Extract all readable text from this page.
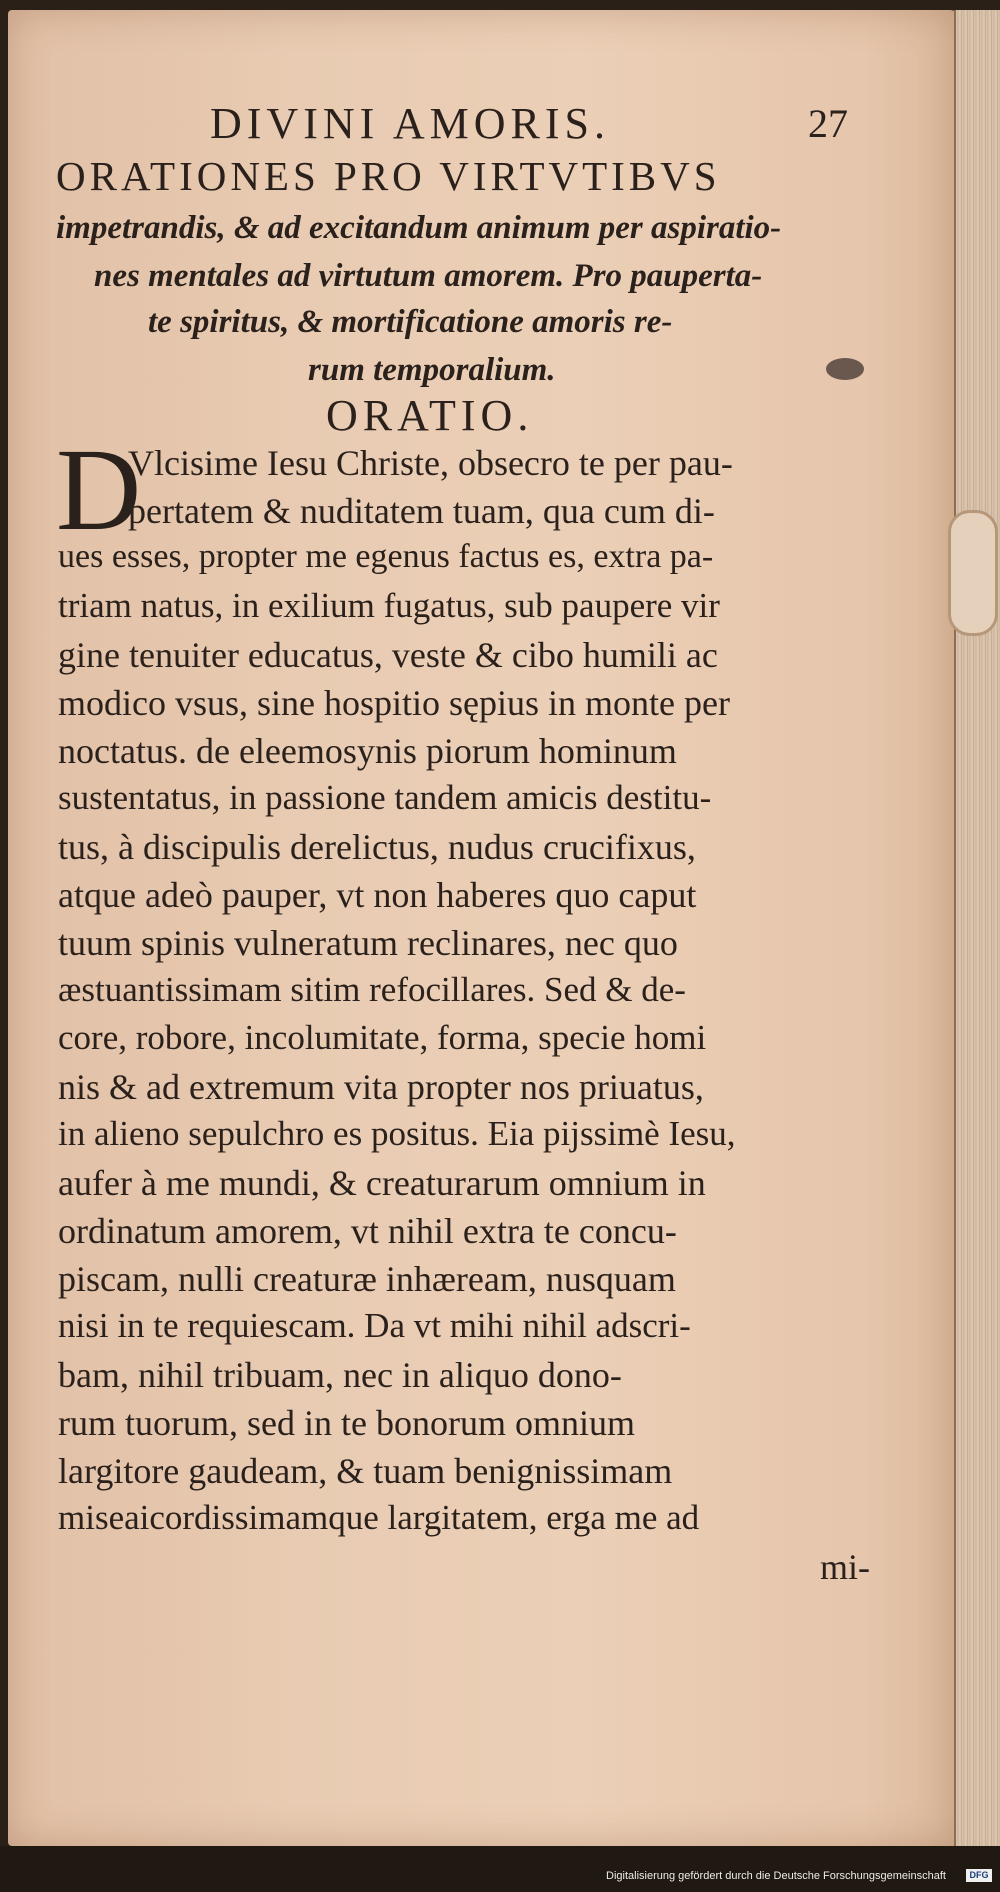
DIVINI AMORIS.	27
ORATIONES PRO VIRTVTIBVS
impetrandis, & ad excitandum animum per aspiratio-
nes mentales ad virtutum amorem. Pro pauperta-
te spiritus, & mortificatione amoris re-
rum temporalium.
ORATIO.
D
Vlcisime Iesu Christe, obsecro te per pau-
pertatem & nuditatem tuam, qua cum di-
ues esses, propter me egenus factus es, extra pa-
triam natus, in exilium fugatus, sub paupere vir
gine tenuiter educatus, veste & cibo humili ac
modico vsus, sine hospitio sępius in monte per
noctatus. de eleemosynis piorum hominum
sustentatus, in passione tandem amicis destitu-
tus, à discipulis derelictus, nudus crucifixus,
atque adeò pauper, vt non haberes quo caput
tuum spinis vulneratum reclinares, nec quo
æstuantissimam sitim refocillares. Sed & de-
core, robore, incolumitate, forma, specie homi
nis & ad extremum vita propter nos priuatus,
in alieno sepulchro es positus. Eia pijssimè Iesu,
aufer à me mundi, & creaturarum omnium in
ordinatum amorem, vt nihil extra te concu-
piscam, nulli creaturæ inhæream, nusquam
nisi in te requiescam. Da vt mihi nihil adscri-
bam, nihil tribuam, nec in aliquo dono-
rum tuorum, sed in te bonorum omnium
largitore gaudeam, & tuam benignissimam
miseaicordissimamque largitatem, erga me ad
mi-
Digitalisierung gefördert durch die Deutsche Forschungsgemeinschaft	DFG
